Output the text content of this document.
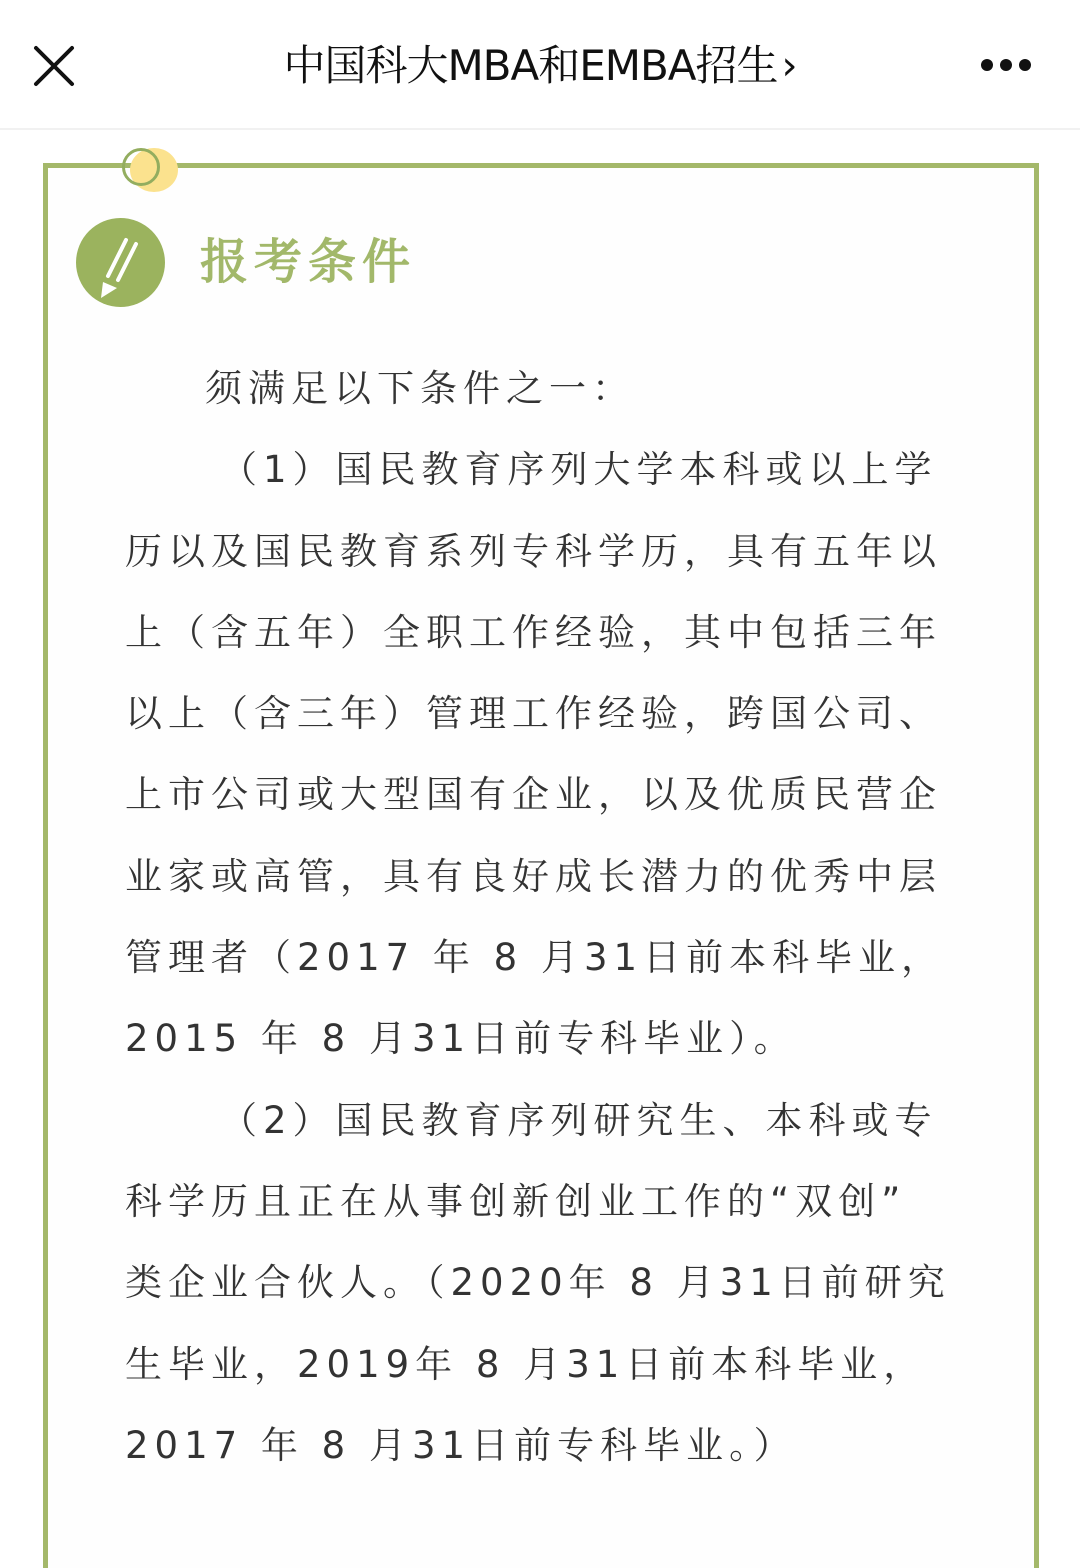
中国科大MBA和EMBA招生 ›
报考条件
须满足以下条件之一：
（1）国民教育序列大学本科或以上学
历以及国民教育系列专科学历，具有五年以
上（含五年）全职工作经验，其中包括三年
以上（含三年）管理工作经验，跨国公司、
上市公司或大型国有企业，以及优质民营企
业家或高管，具有良好成长潜力的优秀中层
管理者（2017 年 8 月31日前本科毕业，
2015 年 8 月31日前专科毕业）。
（2）国民教育序列研究生、本科或专
科学历且正在从事创新创业工作的“双创”
类企业合伙人。（2020年 8 月31日前研究
生毕业，2019年 8 月31日前本科毕业，
2017 年 8 月31日前专科毕业。）
